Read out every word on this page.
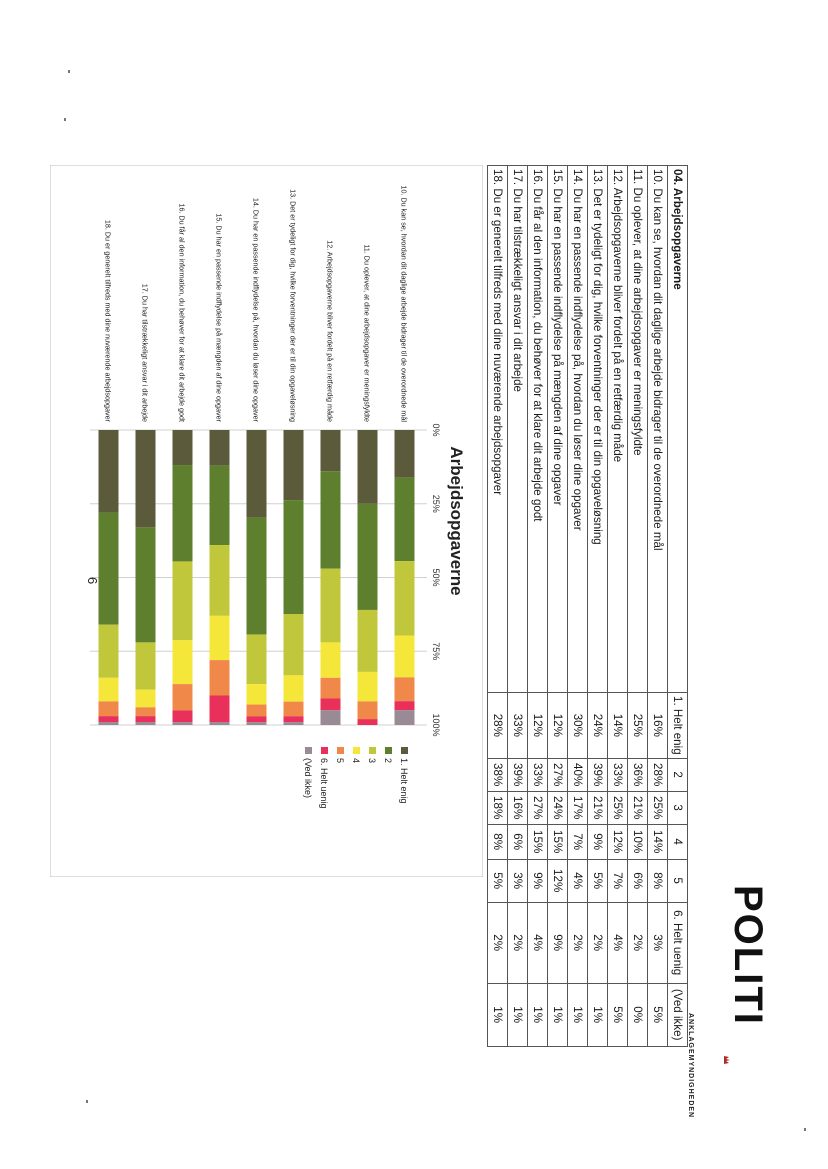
POLITI
ANKLAGEMYNDIGHEDEN
04. Arbejdsopgaverne	1. Helt enig	2	3	4	5	6. Helt uenig	(Ved ikke)
10. Du kan se, hvordan dit daglige arbejde bidrager til de overordnede mål	16%	28%	25%	14%	8%	3%	5%
11. Du oplever, at dine arbejdsopgaver er meningsfyldte	25%	36%	21%	10%	6%	2%	0%
12. Arbejdsopgaverne bliver fordelt på en retfærdig måde	14%	33%	25%	12%	7%	4%	5%
13. Det er tydeligt for dig, hvilke forventninger der er til din opgaveløsning	24%	39%	21%	9%	5%	2%	1%
14. Du har en passende indflydelse på, hvordan du løser dine opgaver	30%	40%	17%	7%	4%	2%	1%
15. Du har en passende indflydelse på mængden af dine opgaver	12%	27%	24%	15%	12%	9%	1%
16. Du får al den information, du behøver for at klare dit arbejde godt	12%	33%	27%	15%	9%	4%	1%
17. Du har tilstrækkeligt ansvar i dit arbejde	33%	39%	16%	6%	3%	2%	1%
18. Du er generelt tilfreds med dine nuværende arbejdsopgaver	28%	38%	18%	8%	5%	2%	1%
Arbejdsopgaverne
0%
25%
50%
75%
100%
10. Du kan se, hvordan dit daglige arbejde bidrager til de overordnede mål
11. Du oplever, at dine arbejdsopgaver er meningsfyldte
12. Arbejdsopgaverne bliver fordelt på en retfærdig måde
13. Det er tydeligt for dig, hvilke forventninger der er til din opgaveløsning
14. Du har en passende indflydelse på, hvordan du løser dine opgaver
15. Du har en passende indflydelse på mængden af dine opgaver
16. Du får al den information, du behøver for at klare dit arbejde godt
17. Du har tilstrækkeligt ansvar i dit arbejde
18. Du er generelt tilfreds med dine nuværende arbejdsopgaver
1. Helt enig
2
3
4
5
6. Helt uenig
(Ved ikke)
6
